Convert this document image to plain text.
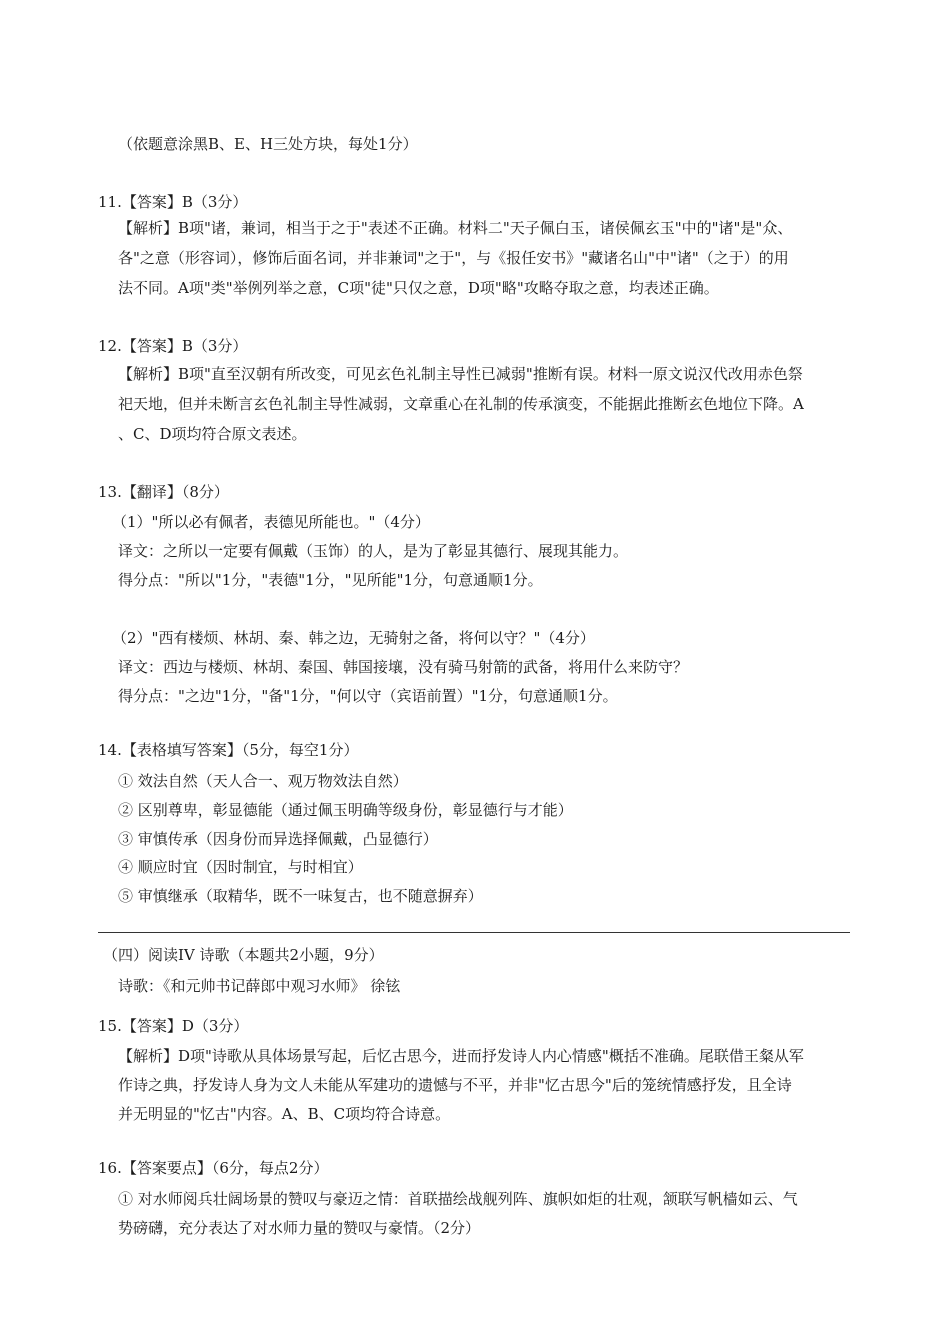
（依题意涂黑B、E、H三处方块，每处1分）
11.【答案】B（3分）
【解析】B项"诸，兼词，相当于之于"表述不正确。材料二"天子佩白玉，诸侯佩玄玉"中的"诸"是"众、
各"之意（形容词），修饰后面名词，并非兼词"之于"，与《报任安书》"藏诸名山"中"诸"（之于）的用
法不同。A项"类"举例列举之意，C项"徒"只仅之意，D项"略"攻略夺取之意，均表述正确。
12.【答案】B（3分）
【解析】B项"直至汉朝有所改变，可见玄色礼制主导性已减弱"推断有误。材料一原文说汉代改用赤色祭
祀天地，但并未断言玄色礼制主导性减弱，文章重心在礼制的传承演变，不能据此推断玄色地位下降。A
、C、D项均符合原文表述。
13.【翻译】（8分）
（1）"所以必有佩者，表德见所能也。"（4分）
译文：之所以一定要有佩戴（玉饰）的人，是为了彰显其德行、展现其能力。
得分点："所以"1分，"表德"1分，"见所能"1分，句意通顺1分。
（2）"西有楼烦、林胡、秦、韩之边，无骑射之备，将何以守？"（4分）
译文：西边与楼烦、林胡、秦国、韩国接壤，没有骑马射箭的武备，将用什么来防守？
得分点："之边"1分，"备"1分，"何以守（宾语前置）"1分，句意通顺1分。
14.【表格填写答案】（5分，每空1分）
① 效法自然（天人合一、观万物效法自然）
② 区别尊卑，彰显德能（通过佩玉明确等级身份，彰显德行与才能）
③ 审慎传承（因身份而异选择佩戴，凸显德行）
④ 顺应时宜（因时制宜，与时相宜）
⑤ 审慎继承（取精华，既不一味复古，也不随意摒弃）
（四）阅读IV 诗歌（本题共2小题，9分）
诗歌：《和元帅书记薛郎中观习水师》 徐铉
15.【答案】D（3分）
【解析】D项"诗歌从具体场景写起，后忆古思今，进而抒发诗人内心情感"概括不准确。尾联借王粲从军
作诗之典，抒发诗人身为文人未能从军建功的遗憾与不平，并非"忆古思今"后的笼统情感抒发，且全诗
并无明显的"忆古"内容。A、B、C项均符合诗意。
16.【答案要点】（6分，每点2分）
① 对水师阅兵壮阔场景的赞叹与豪迈之情：首联描绘战舰列阵、旗帜如炬的壮观，颔联写帆樯如云、气
势磅礴，充分表达了对水师力量的赞叹与豪情。（2分）
